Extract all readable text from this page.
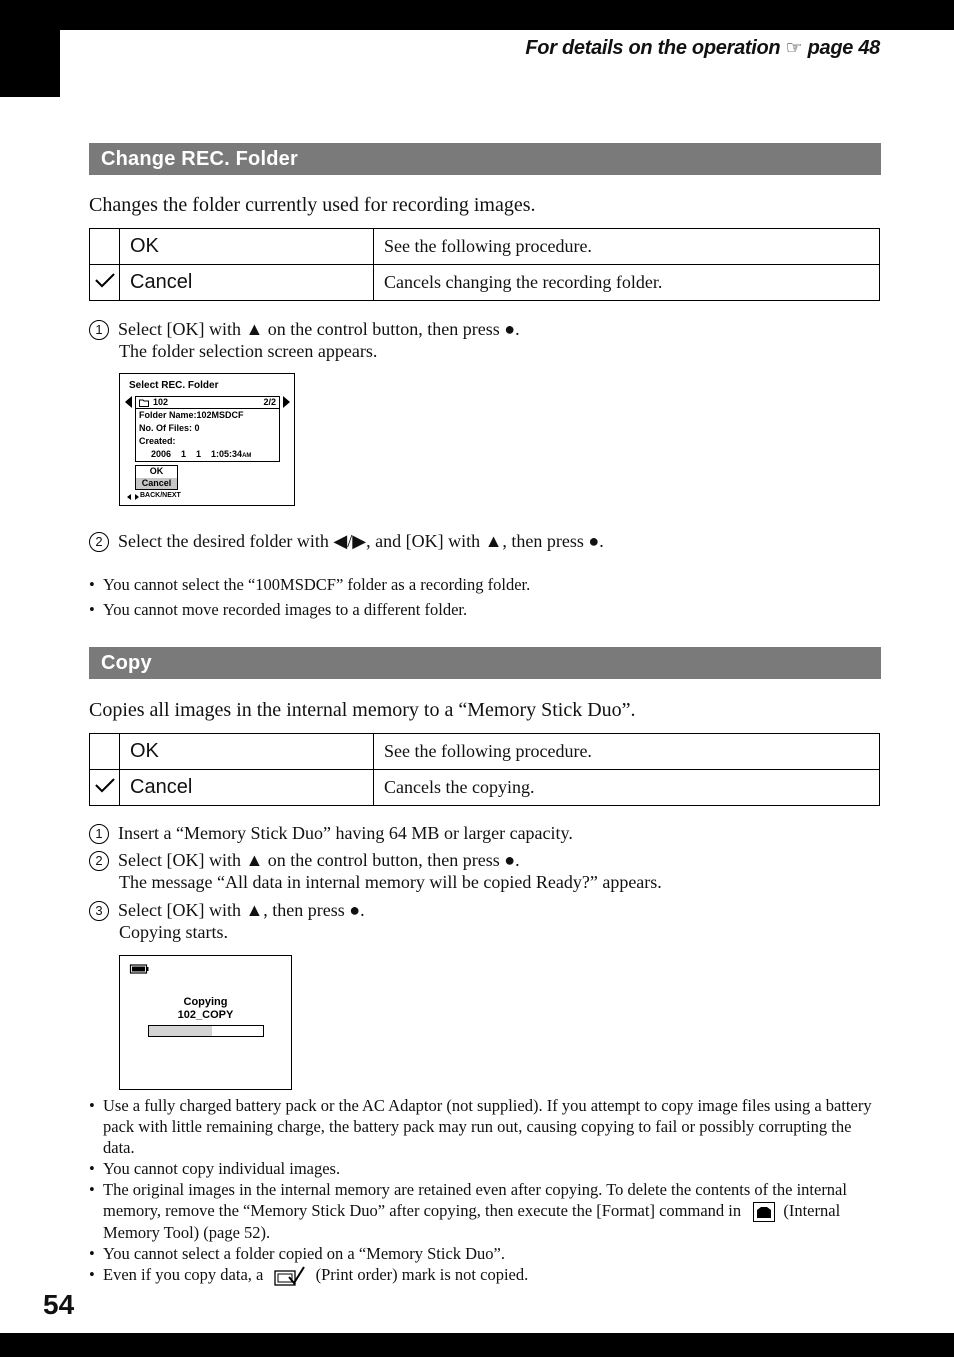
For details on the operation ☞ page 48
Change REC. Folder
Changes the folder currently used for recording images.
	OK	See the following procedure.
	Cancel	Cancels changing the recording folder.
1 Select [OK] with ▲ on the control button, then press ●.
The folder selection screen appears.
Select REC. Folder
102	2/2
Folder Name:102MSDCF
No. Of Files: 0
Created:
2006    1    1    1:05:34AM
OK
Cancel
BACK/NEXT
2 Select the desired folder with ◀/▶, and [OK] with ▲, then press ●.
• You cannot select the “100MSDCF” folder as a recording folder.
• You cannot move recorded images to a different folder.
Copy
Copies all images in the internal memory to a “Memory Stick Duo”.
	OK	See the following procedure.
	Cancel	Cancels the copying.
1 Insert a “Memory Stick Duo” having 64 MB or larger capacity.
2 Select [OK] with ▲ on the control button, then press ●.
The message “All data in internal memory will be copied Ready?” appears.
3 Select [OK] with ▲, then press ●.
Copying starts.
Copying
102_COPY
• Use a fully charged battery pack or the AC Adaptor (not supplied). If you attempt to copy image files using a battery pack with little remaining charge, the battery pack may run out, causing copying to fail or possibly corrupting the data.
• You cannot copy individual images.
• The original images in the internal memory are retained even after copying. To delete the contents of the internal memory, remove the “Memory Stick Duo” after copying, then execute the [Format] command in	(Internal Memory Tool) (page 52).
• You cannot select a folder copied on a “Memory Stick Duo”.
• Even if you copy data, a	(Print order) mark is not copied.
54
